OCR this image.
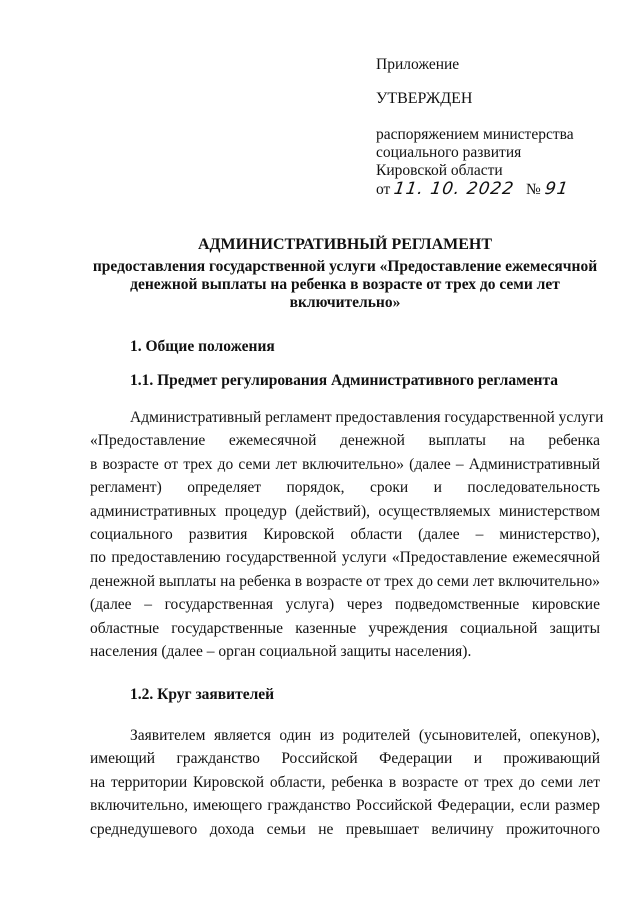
Приложение
УТВЕРЖДЕН
распоряжением министерства
социального развития
Кировской области
от 11. 10. 2022 № 91
АДМИНИСТРАТИВНЫЙ РЕГЛАМЕНТ
предоставления государственной услуги «Предоставление ежемесячной
денежной выплаты на ребенка в возрасте от трех до семи лет
включительно»
1. Общие положения
1.1. Предмет регулирования Административного регламента
Административный регламент предоставления государственной услуги
«Предоставление ежемесячной денежной выплаты на ребенка
в возрасте от трех до семи лет включительно» (далее – Административный
регламент) определяет порядок, сроки и последовательность
административных процедур (действий), осуществляемых министерством
социального развития Кировской области (далее – министерство),
по предоставлению государственной услуги «Предоставление ежемесячной
денежной выплаты на ребенка в возрасте от трех до семи лет включительно»
(далее – государственная услуга) через подведомственные кировские
областные государственные казенные учреждения социальной защиты
населения (далее – орган социальной защиты населения).
1.2. Круг заявителей
Заявителем является один из родителей (усыновителей, опекунов),
имеющий гражданство Российской Федерации и проживающий
на территории Кировской области, ребенка в возрасте от трех до семи лет
включительно, имеющего гражданство Российской Федерации, если размер
среднедушевого дохода семьи не превышает величину прожиточного
